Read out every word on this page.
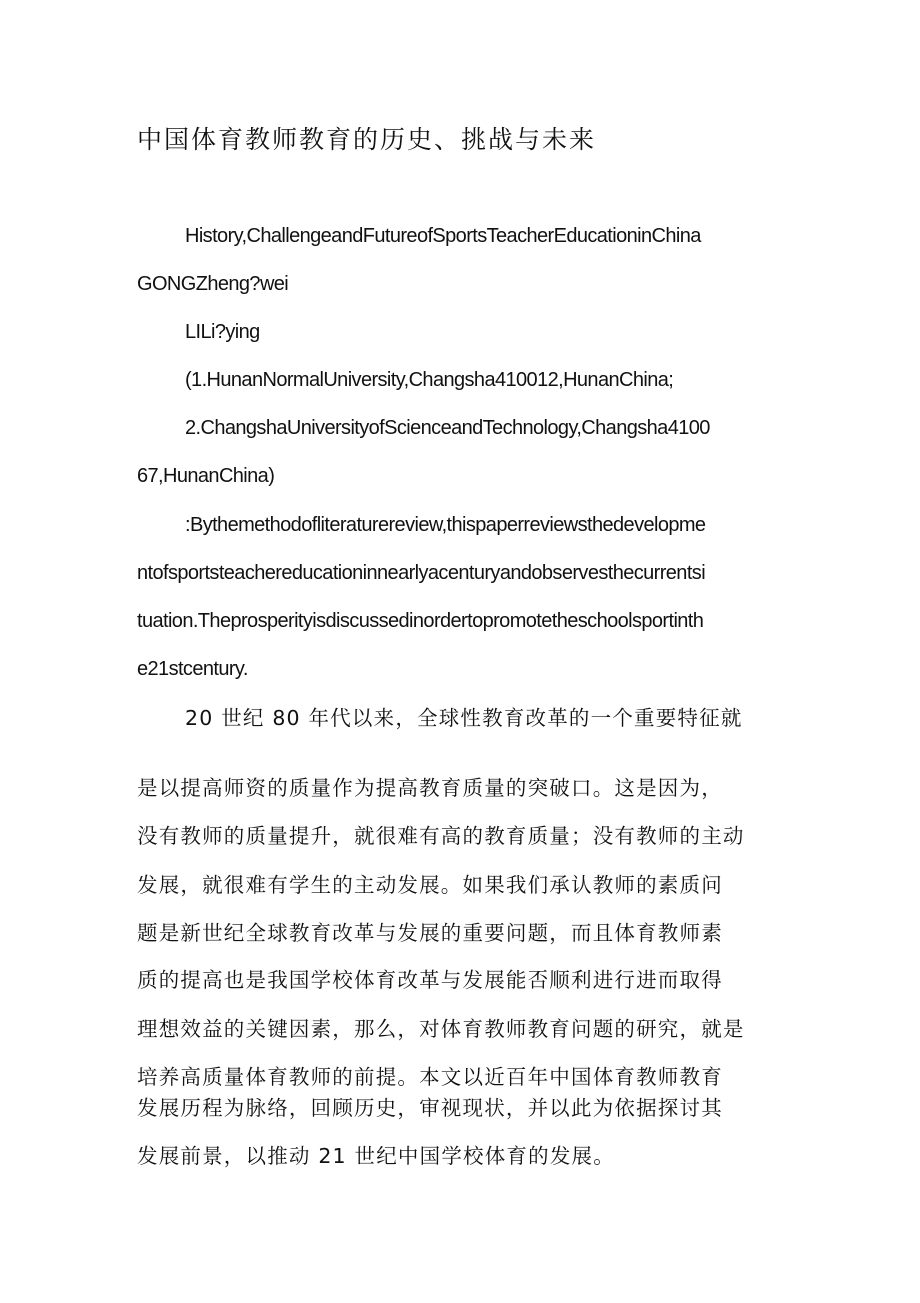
中国体育教师教育的历史、挑战与未来

History,ChallengeandFutureofSportsTeacherEducationinChina

GONGZheng?wei

LILi?ying

(1.HunanNormalUniversity,Changsha410012,HunanChina;

2.ChangshaUniversityofScienceandTechnology,Changsha4100

67,HunanChina)

:Bythemethodofliteraturereview,thispaperreviewsthedevelopme

ntofsportsteachereducationinnearlyacenturyandobservesthecurrentsi

tuation.Theprosperityisdiscussedinordertopromotetheschoolsportinth

e21stcentury.

20 世纪 80 年代以来，全球性教育改革的一个重要特征就

是以提高师资的质量作为提高教育质量的突破口。这是因为，

没有教师的质量提升，就很难有高的教育质量；没有教师的主动

发展，就很难有学生的主动发展。如果我们承认教师的素质问

题是新世纪全球教育改革与发展的重要问题，而且体育教师素

质的提高也是我国学校体育改革与发展能否顺利进行进而取得

理想效益的关键因素，那么，对体育教师教育问题的研究，就是

培养高质量体育教师的前提。本文以近百年中国体育教师教育

发展历程为脉络，回顾历史，审视现状，并以此为依据探讨其

发展前景，以推动 21 世纪中国学校体育的发展。
